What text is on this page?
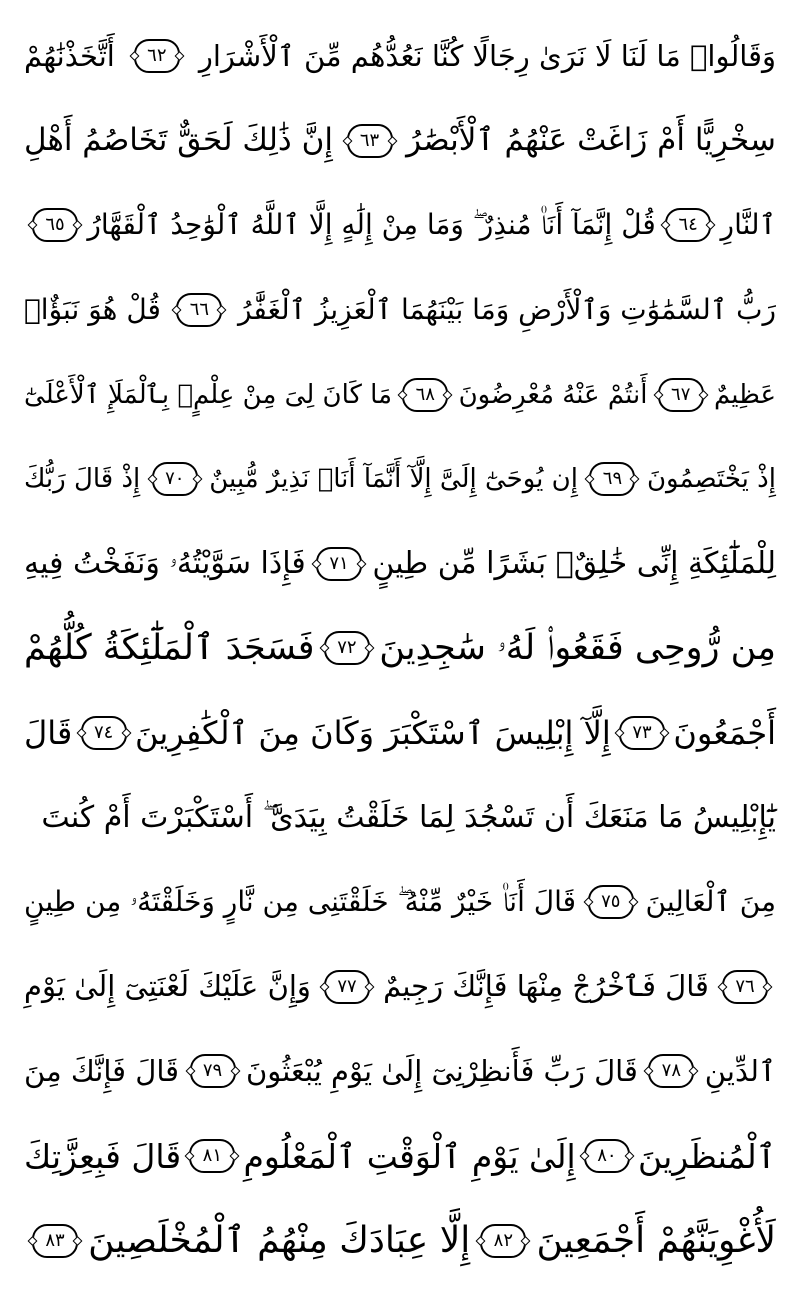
وَقَالُوا۟ مَا لَنَا لَا نَرَىٰ رِجَالًا كُنَّا نَعُدُّهُم مِّنَ ٱلْأَشْرَارِ
٦٢
أَتَّخَذْنَٰهُمْ
سِخْرِيًّا أَمْ زَاغَتْ عَنْهُمُ ٱلْأَبْصَٰرُ
٦٣
إِنَّ ذَٰلِكَ لَحَقٌّ تَخَاصُمُ أَهْلِ
ٱلنَّارِ
٦٤
قُلْ إِنَّمَآ أَنَا۠ مُنذِرٌ ۖ وَمَا مِنْ إِلَٰهٍ إِلَّا ٱللَّهُ ٱلْوَٰحِدُ ٱلْقَهَّارُ
٦٥
رَبُّ ٱلسَّمَٰوَٰتِ وَٱلْأَرْضِ وَمَا بَيْنَهُمَا ٱلْعَزِيزُ ٱلْغَفَّٰرُ
٦٦
قُلْ هُوَ نَبَؤٌا۟
عَظِيمٌ
٦٧
أَنتُمْ عَنْهُ مُعْرِضُونَ
٦٨
مَا كَانَ لِىَ مِنْ عِلْمٍۭ بِٱلْمَلَإِ ٱلْأَعْلَىٰٓ
إِذْ يَخْتَصِمُونَ
٦٩
إِن يُوحَىٰٓ إِلَىَّ إِلَّآ أَنَّمَآ أَنَا۠ نَذِيرٌ مُّبِينٌ
٧٠
إِذْ قَالَ رَبُّكَ
لِلْمَلَٰٓئِكَةِ إِنِّى خَٰلِقٌۢ بَشَرًا مِّن طِينٍ
٧١
فَإِذَا سَوَّيْتُهُۥ وَنَفَخْتُ فِيهِ
مِن رُّوحِى فَقَعُوا۟ لَهُۥ سَٰجِدِينَ
٧٢
فَسَجَدَ ٱلْمَلَٰٓئِكَةُ كُلُّهُمْ
أَجْمَعُونَ
٧٣
إِلَّآ إِبْلِيسَ ٱسْتَكْبَرَ وَكَانَ مِنَ ٱلْكَٰفِرِينَ
٧٤
قَالَ
يَٰٓإِبْلِيسُ مَا مَنَعَكَ أَن تَسْجُدَ لِمَا خَلَقْتُ بِيَدَىَّ ۖ أَسْتَكْبَرْتَ أَمْ كُنتَ
مِنَ ٱلْعَالِينَ
٧٥
قَالَ أَنَا۠ خَيْرٌ مِّنْهُ ۖ خَلَقْتَنِى مِن نَّارٍ وَخَلَقْتَهُۥ مِن طِينٍ
٧٦
قَالَ فَٱخْرُجْ مِنْهَا فَإِنَّكَ رَجِيمٌ
٧٧
وَإِنَّ عَلَيْكَ لَعْنَتِىٓ إِلَىٰ يَوْمِ
ٱلدِّينِ
٧٨
قَالَ رَبِّ فَأَنظِرْنِىٓ إِلَىٰ يَوْمِ يُبْعَثُونَ
٧٩
قَالَ فَإِنَّكَ مِنَ
ٱلْمُنظَرِينَ
٨٠
إِلَىٰ يَوْمِ ٱلْوَقْتِ ٱلْمَعْلُومِ
٨١
قَالَ فَبِعِزَّتِكَ
لَأُغْوِيَنَّهُمْ أَجْمَعِينَ
٨٢
إِلَّا عِبَادَكَ مِنْهُمُ ٱلْمُخْلَصِينَ
٨٣
